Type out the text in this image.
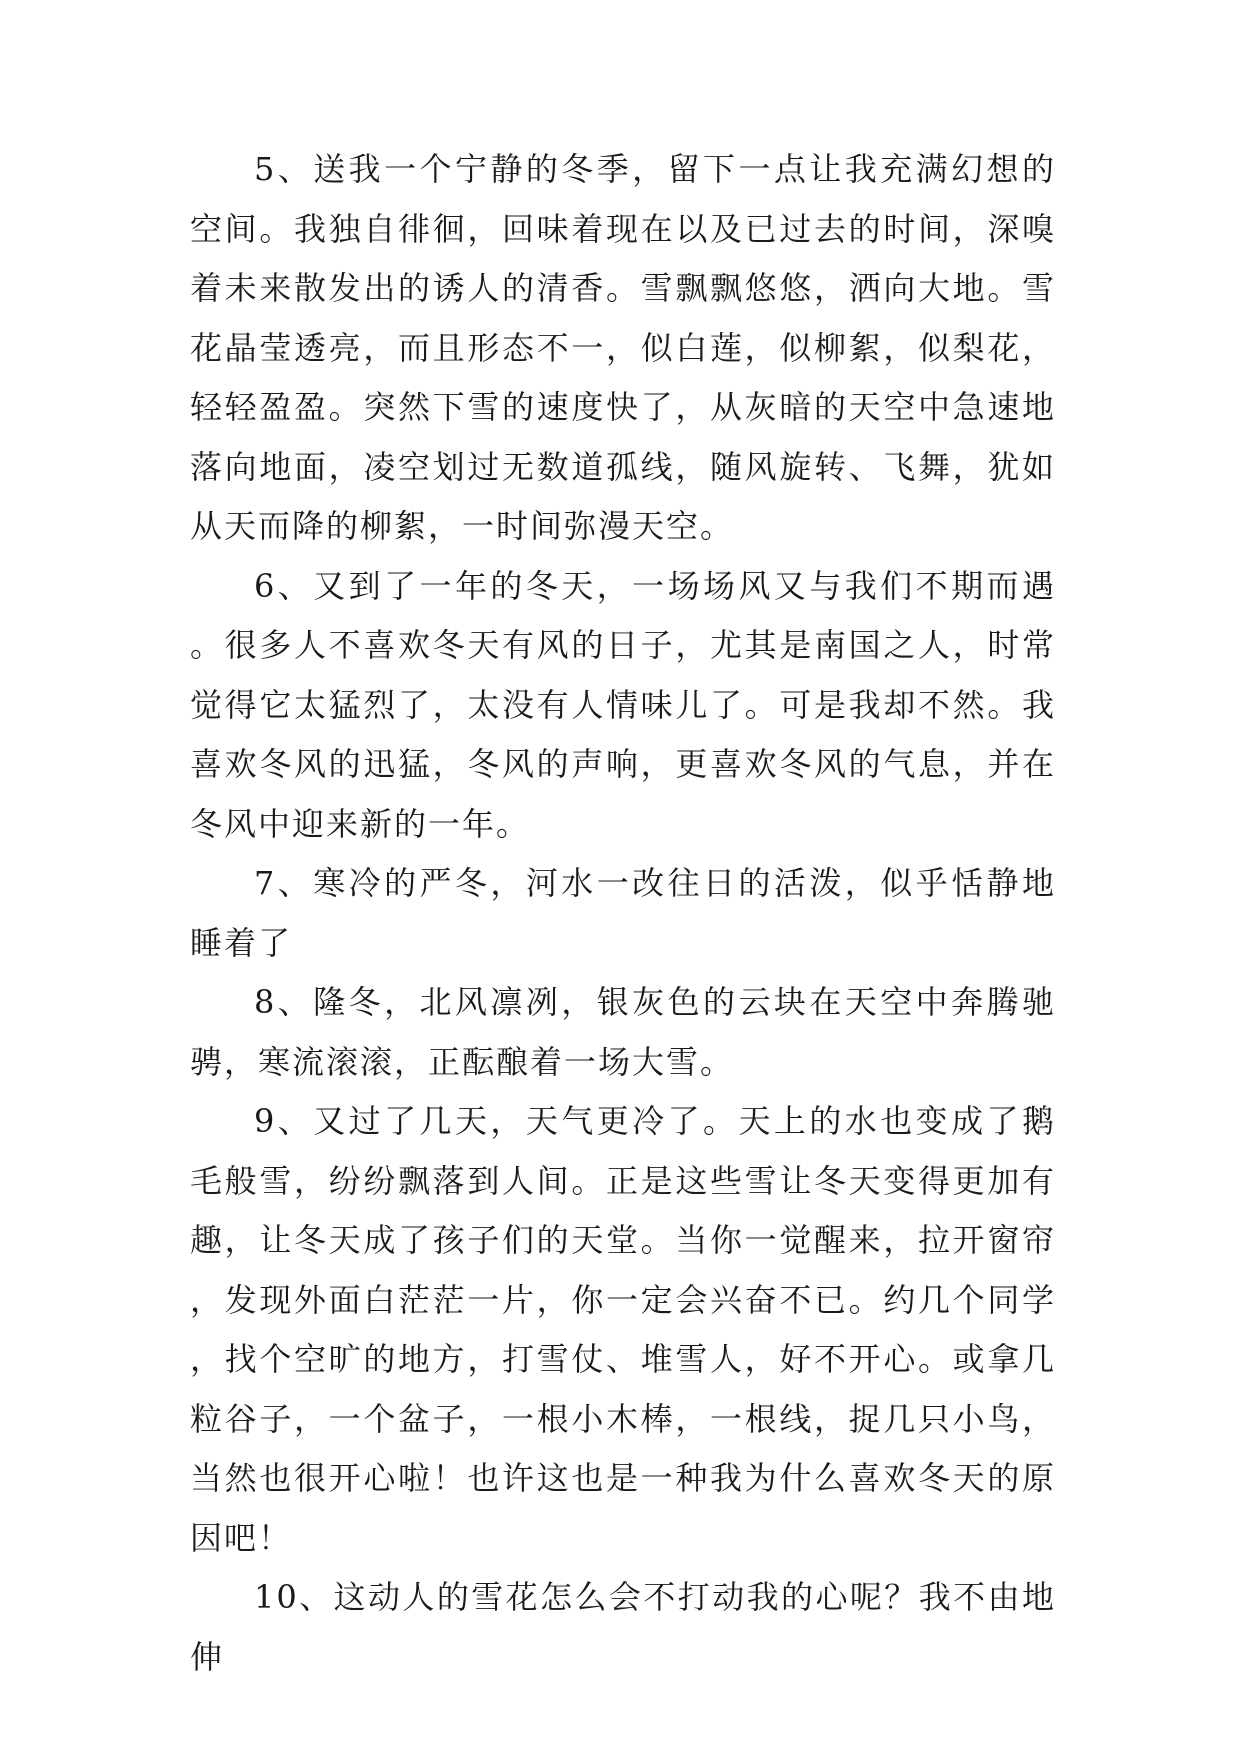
5、送我一个宁静的冬季，留下一点让我充满幻想的空间。我独自徘徊，回味着现在以及已过去的时间，深嗅着未来散发出的诱人的清香。雪飘飘悠悠，洒向大地。雪花晶莹透亮，而且形态不一，似白莲，似柳絮，似梨花，轻轻盈盈。突然下雪的速度快了，从灰暗的天空中急速地落向地面，凌空划过无数道孤线，随风旋转、飞舞，犹如从天而降的柳絮，一时间弥漫天空。

6、又到了一年的冬天，一场场风又与我们不期而遇。很多人不喜欢冬天有风的日子，尤其是南国之人，时常觉得它太猛烈了，太没有人情味儿了。可是我却不然。我喜欢冬风的迅猛，冬风的声响，更喜欢冬风的气息，并在冬风中迎来新的一年。

7、寒冷的严冬，河水一改往日的活泼，似乎恬静地睡着了

8、隆冬，北风凛冽，银灰色的云块在天空中奔腾驰骋，寒流滚滚，正酝酿着一场大雪。

9、又过了几天，天气更冷了。天上的水也变成了鹅毛般雪，纷纷飘落到人间。正是这些雪让冬天变得更加有趣，让冬天成了孩子们的天堂。当你一觉醒来，拉开窗帘，发现外面白茫茫一片，你一定会兴奋不已。约几个同学，找个空旷的地方，打雪仗、堆雪人，好不开心。或拿几粒谷子，一个盆子，一根小木棒，一根线，捉几只小鸟，当然也很开心啦！也许这也是一种我为什么喜欢冬天的原因吧！

10、这动人的雪花怎么会不打动我的心呢？我不由地伸
